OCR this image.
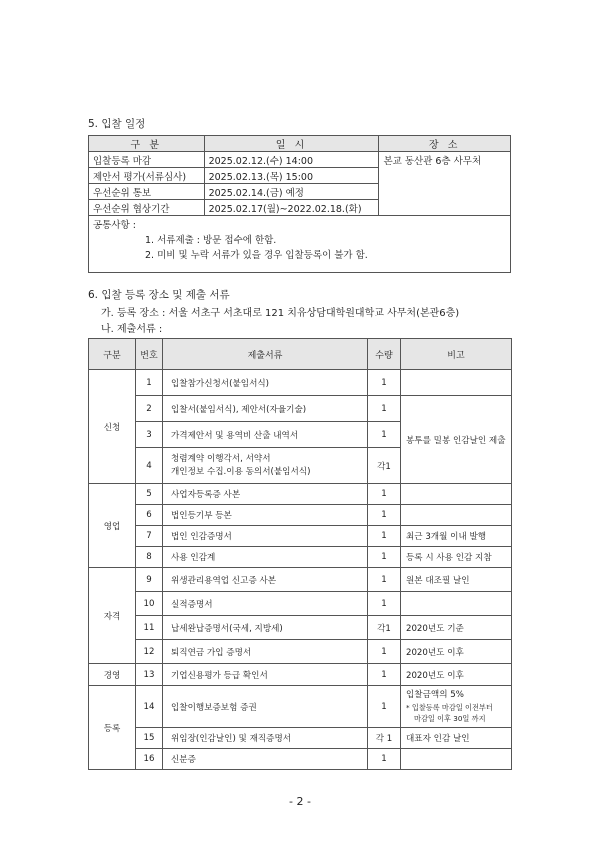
5. 입찰 일정
구 분	일 시	장 소
입찰등록 마감	2025.02.12.(수) 14:00	본교 동산관 6층 사무처
제안서 평가(서류심사)	2025.02.13.(목) 15:00	
우선순위 통보	2025.02.14.(금) 예정	
우선순위 협상기간	2025.02.17(월)~2022.02.18.(화)	

공통사항 :
1. 서류제출 : 방문 접수에 한함.
2. 미비 및 누락 서류가 있을 경우 입찰등록이 불가 함.		
6. 입찰 등록 장소 및 제출 서류
가. 등록 장소 : 서울 서초구 서초대로 121 치유상담대학원대학교 사무처(본관6층)
나. 제출서류 :
구분	번호	제출서류	수량	비고
신청	1	입찰참가신청서(붙임서식)	1	
	2	입찰서(붙임서식), 제안서(자율기술)	1	봉투를 밀봉 인감날인 제출
	3	가격제안서 및 용역비 산출 내역서	1	
	4	청렴계약 이행각서, 서약서
개인정보 수집.이용 동의서(붙임서식)	각1	
영업	5	사업자등록증 사본	1	
	6	법인등기부 등본	1	
	7	법인 인감증명서	1	최근 3개월 이내 발행
	8	사용 인감계	1	등록 시 사용 인감 지참
자격	9	위생관리용역업 신고증 사본	1	원본 대조필 날인
	10	실적증명서	1	
	11	납세완납증명서(국세, 지방세)	각1	2020년도 기준
	12	퇴직연금 가입 증명서	1	2020년도 이후
경영	13	기업신용평가 등급 확인서	1	2020년도 이후
등록	14	입찰이행보증보험 증권	1	입찰금액의 5%
* 입찰등록 마감일 이전부터
마감일 이후 30일 까지

	15	위임장(인감날인) 및 재직증명서	각 1	대표자 인감 날인
	16	신분증	1	
- 2 -
